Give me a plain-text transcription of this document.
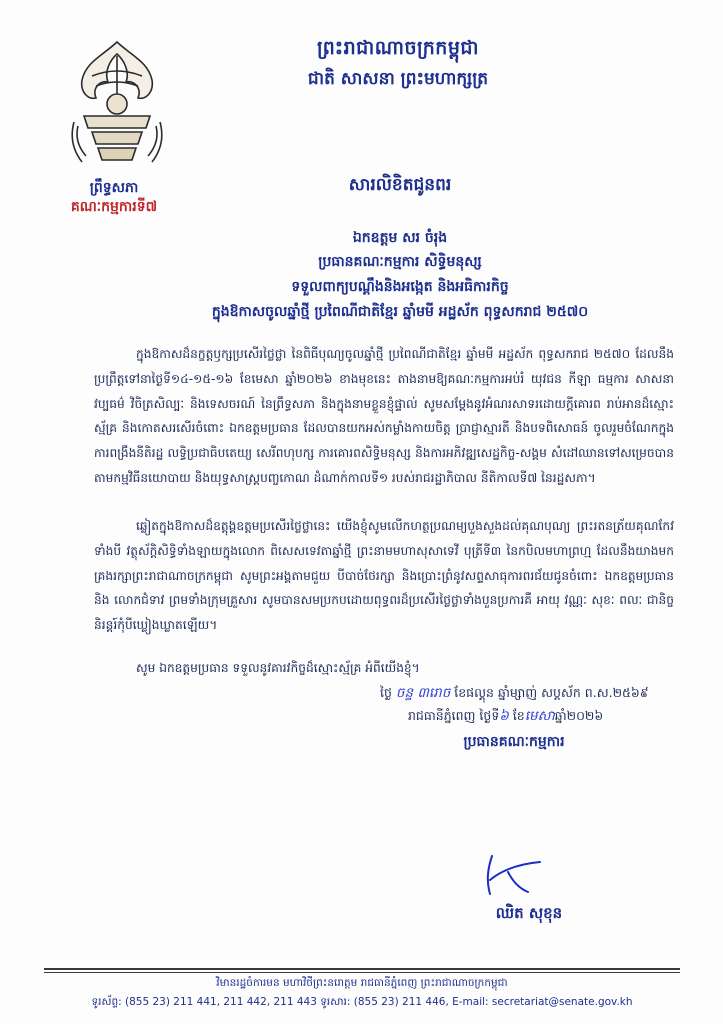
ព្រឹទ្ធសភា
គណៈកម្មការទី៧
ព្រះរាជាណាចក្រកម្ពុជា
ជាតិ សាសនា ព្រះមហាក្សត្រ
សារលិខិតជូនពរ
ឯកឧត្តម សរ ចំរុង
ប្រធានគណៈកម្មការ សិទ្ធិមនុស្ស
ទទួលពាក្យបណ្តឹងនិងអង្កេត និងអធិការកិច្ច
ក្នុងឱកាសចូលឆ្នាំថ្មី ប្រពៃណីជាតិខ្មែរ ឆ្នាំមមី អដ្ឋស័ក ពុទ្ធសករាជ ២៥៧០
ក្នុងឱកាសដ៏នក្ខត្តឫក្សប្រសើរថ្លៃថ្លា នៃពិធីបុណ្យចូលឆ្នាំថ្មី ប្រពៃណីជាតិខ្មែរ ឆ្នាំមមី អដ្ឋស័ក ពុទ្ធសករាជ ២៥៧០ ដែលនឹងប្រព្រឹត្តទៅនាថ្ងៃទី១៤-១៥-១៦ ខែមេសា ឆ្នាំ២០២៦ ខាងមុខនេះ តាងនាមឱ្យគណៈកម្មការអប់រំ យុវជន កីឡា ធម្មការ សាសនា វប្បធម៌ វិចិត្រសិល្បៈ និងទេសចរណ៍ នៃព្រឹទ្ធសភា និងក្នុងនាមខ្លួនខ្ញុំផ្ទាល់ សូមសម្តែងនូវអំណរសាទរដោយក្តីគោរព រាប់អានដ៏ស្មោះស្ម័គ្រ និងកោតសរសើរចំពោះ ឯកឧត្តមប្រធាន ដែលបានយកអស់កម្លាំងកាយចិត្ត ប្រាជ្ញាស្មារតី និងបទពិសោធន៍ ចូលរួមចំណែកក្នុងការពង្រឹងនីតិរដ្ឋ លទ្ធិប្រជាធិបតេយ្យ សេរីពហុបក្ស ការគោរពសិទ្ធិមនុស្ស និងការអភិវឌ្ឍសេដ្ឋកិច្ច-សង្គម សំដៅឈានទៅសម្រេចបានតាមកម្មវិធីនយោបាយ និងយុទ្ធសាស្ត្របញ្ចកោណ ដំណាក់កាលទី១ របស់រាជរដ្ឋាភិបាល នីតិកាលទី៧ នៃរដ្ឋសភា។
ឆ្លៀតក្នុងឱកាសដ៏ឧត្តុង្គឧត្តមប្រសើរថ្លៃថ្លានេះ យើងខ្ញុំសូមលើកហត្ថប្រណម្យបួងសួងដល់គុណបុណ្យ ព្រះរតនត្រ័យគុណកែវទាំងបី វត្ថុស័ក្តិសិទ្ធិទាំងឡាយក្នុងលោក ពិសេសទេវតាឆ្នាំថ្មី ព្រះនាមមហាសុសាទេវី បុត្រីទី៣ នៃកបិលមហាព្រហ្ម ដែលនឹងយាងមកគ្រងរក្សាព្រះរាជាណាចក្រកម្ពុជា សូមព្រះអង្គតាមជួយ បីបាច់ថែរក្សា និងប្រោះព្រំនូវសព្ទសាធុការពរជ័យជូនចំពោះ ឯកឧត្តមប្រធាន និង លោកជំទាវ ព្រមទាំងក្រុមគ្រួសារ សូមបានសមប្រកបដោយពុទ្ធពរដ៏ប្រសើរថ្លៃថ្លាទាំងបួនប្រការគឺ អាយុ វណ្ណៈ សុខៈ ពលៈ ជានិច្ចនិរន្តរ៍កុំបីឃ្លៀងឃ្លាតឡើយ។
សូម ឯកឧត្តមប្រធាន ទទួលនូវគារវកិច្ចដ៏ស្មោះស្ម័គ្រ អំពីយើងខ្ញុំ។
ថ្ងៃ ចន្ទ ៣រោច ខែផល្គុន ឆ្នាំម្សាញ់ សប្តស័ក ព.ស.២៥៦៩
រាជធានីភ្នំពេញ ថ្ងៃទី៦ ខែមេសាឆ្នាំ២០២៦
ប្រធានគណៈកម្មការ
ឈិត សុខុន
វិមានរដ្ឋចំការមន មហាវិថីព្រះនរោត្តម រាជធានីភ្នំពេញ ព្រះរាជាណាចក្រកម្ពុជា
ទូរស័ព្ទ: (855 23) 211 441, 211 442, 211 443 ទូរសារ: (855 23) 211 446, E-mail: secretariat@senate.gov.kh
